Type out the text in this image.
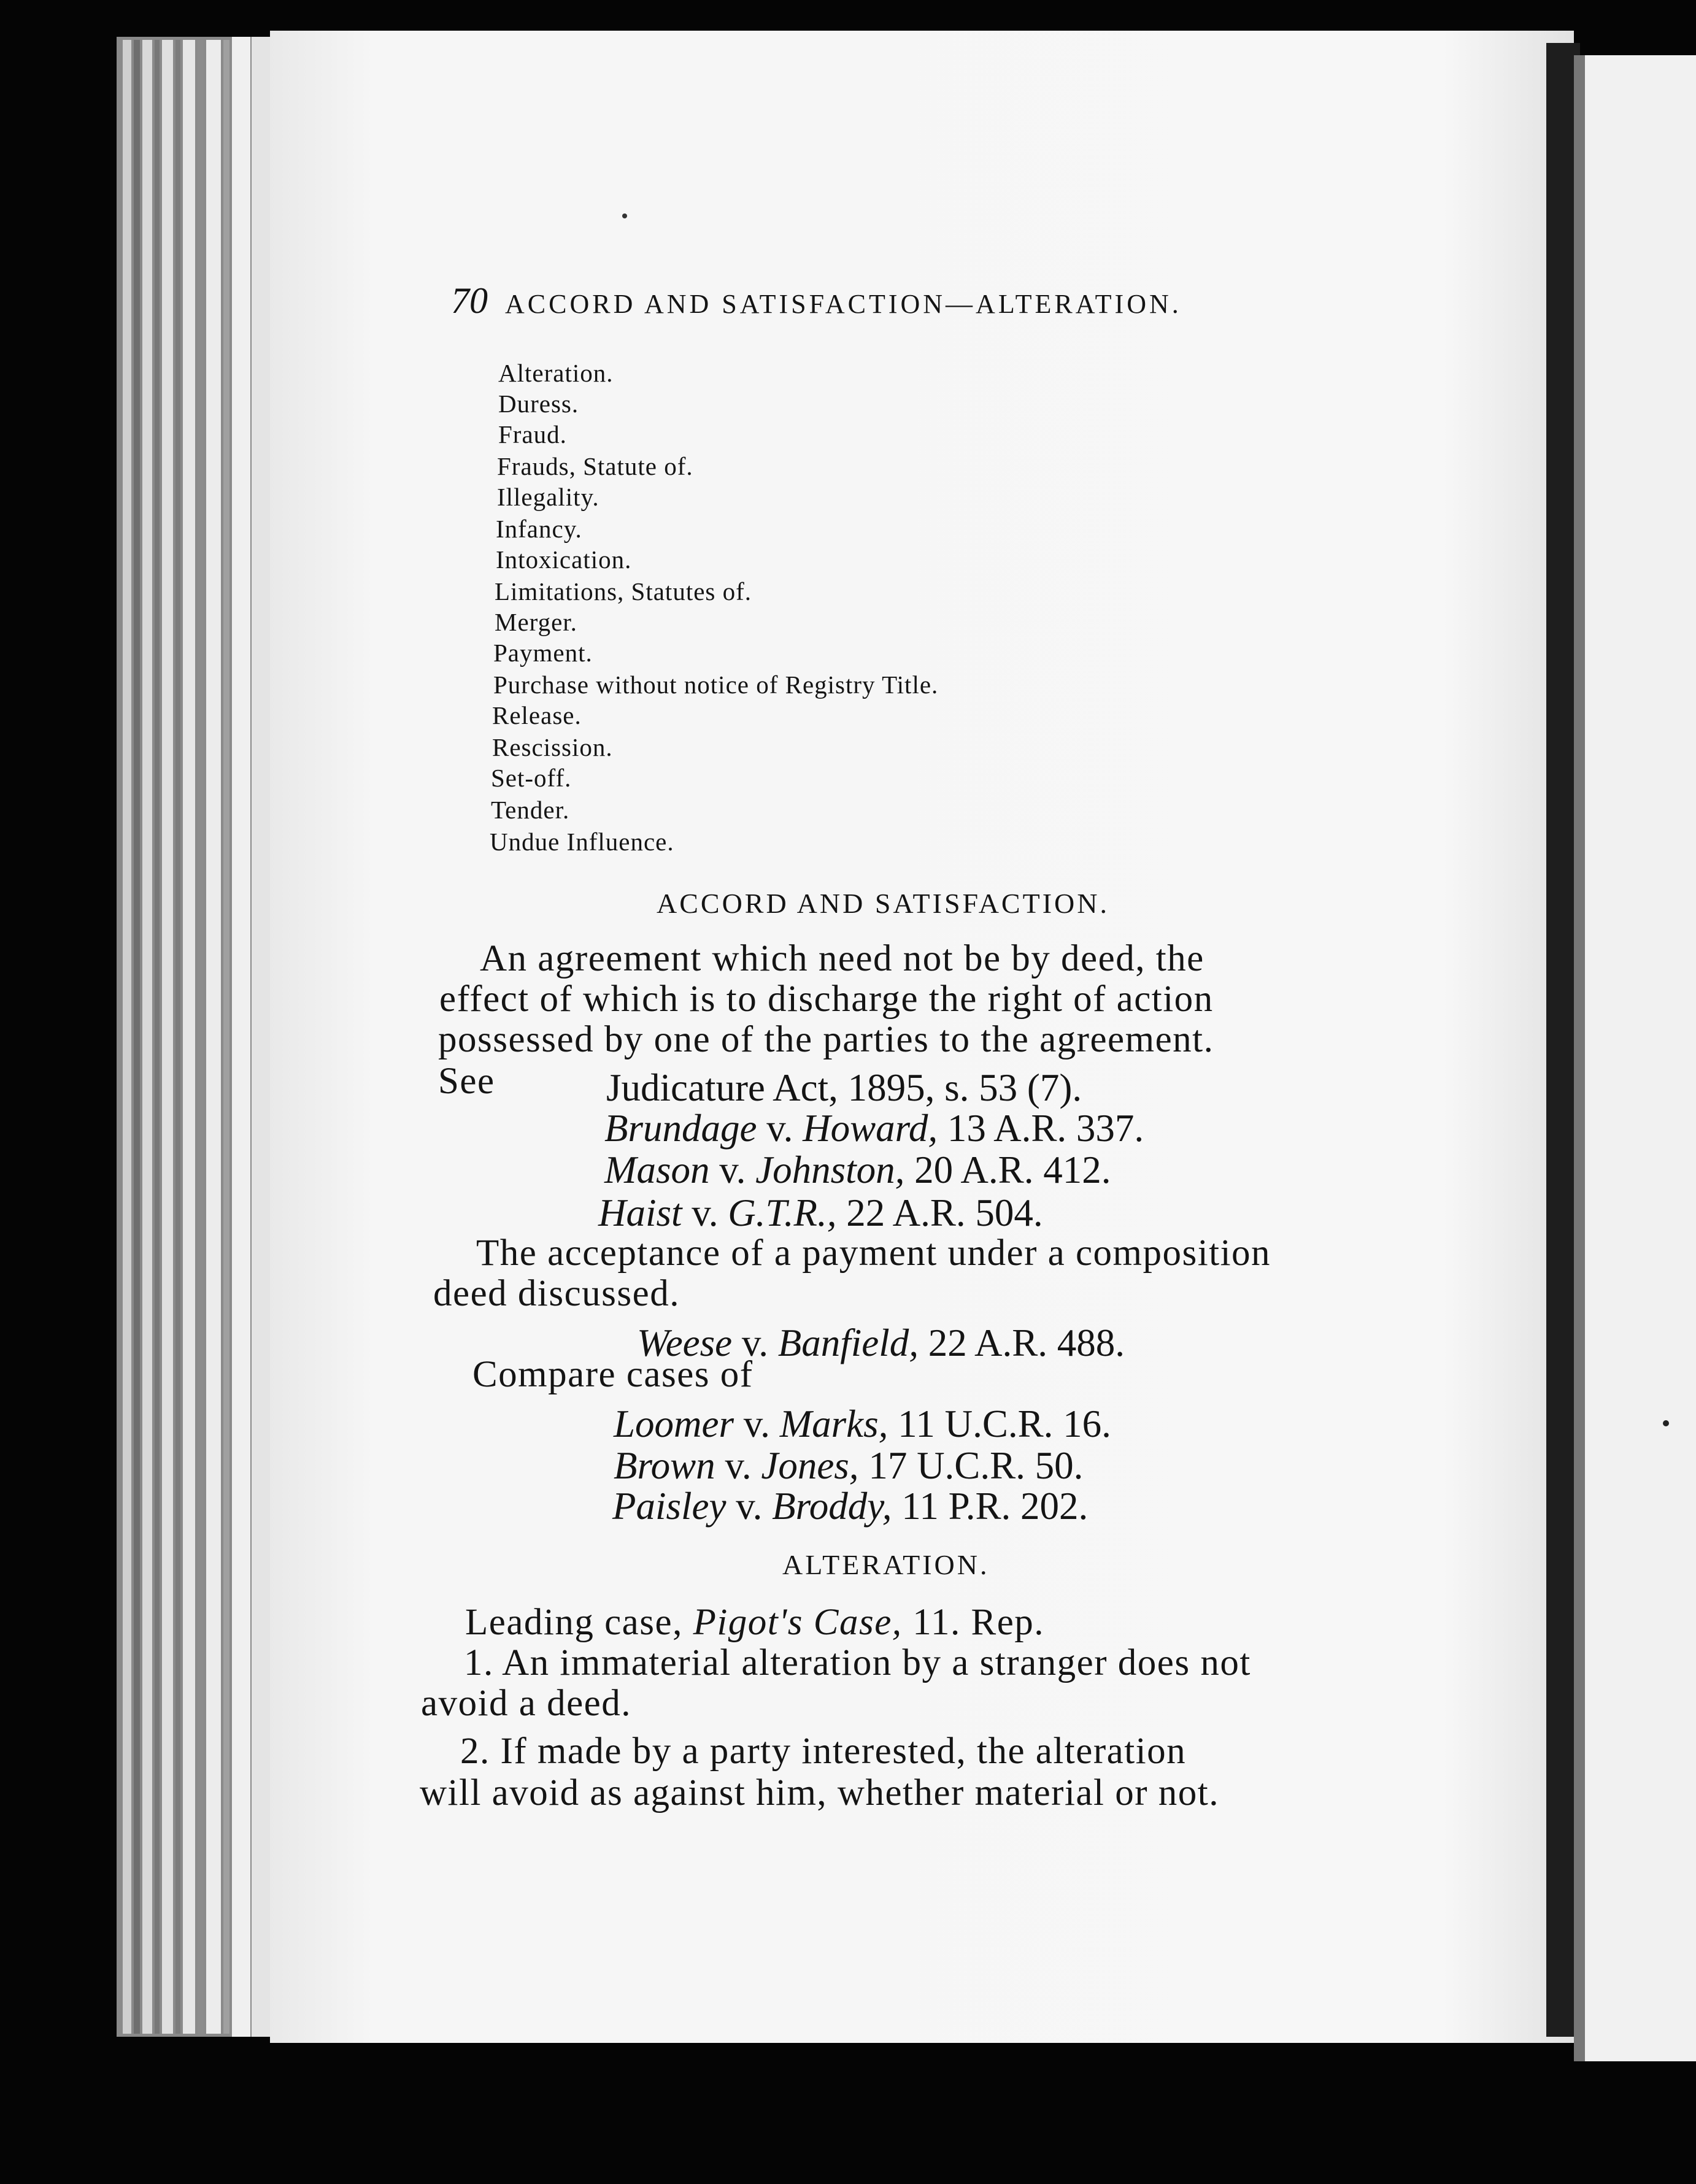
70 ACCORD AND SATISFACTION—ALTERATION.
Alteration.
Duress.
Fraud.
Frauds, Statute of.
Illegality.
Infancy.
Intoxication.
Limitations, Statutes of.
Merger.
Payment.
Purchase without notice of Registry Title.
Release.
Rescission.
Set-off.
Tender.
Undue Influence.
ACCORD AND SATISFACTION.
An agreement which need not be by deed, the
effect of which is to discharge the right of action
possessed by one of the parties to the agreement.
See	Judicature Act, 1895, s. 53 (7).
Brundage v. Howard, 13 A.R. 337.
Mason v. Johnston, 20 A.R. 412.
Haist v. G.T.R., 22 A.R. 504.
The acceptance of a payment under a composition
deed discussed.
Weese v. Banfield, 22 A.R. 488.
Compare cases of
Loomer v. Marks, 11 U.C.R. 16.
Brown v. Jones, 17 U.C.R. 50.
Paisley v. Broddy, 11 P.R. 202.
ALTERATION.
Leading case, Pigot's Case, 11. Rep.
1. An immaterial alteration by a stranger does not
avoid a deed.
2. If made by a party interested, the alteration
will avoid as against him, whether material or not.
